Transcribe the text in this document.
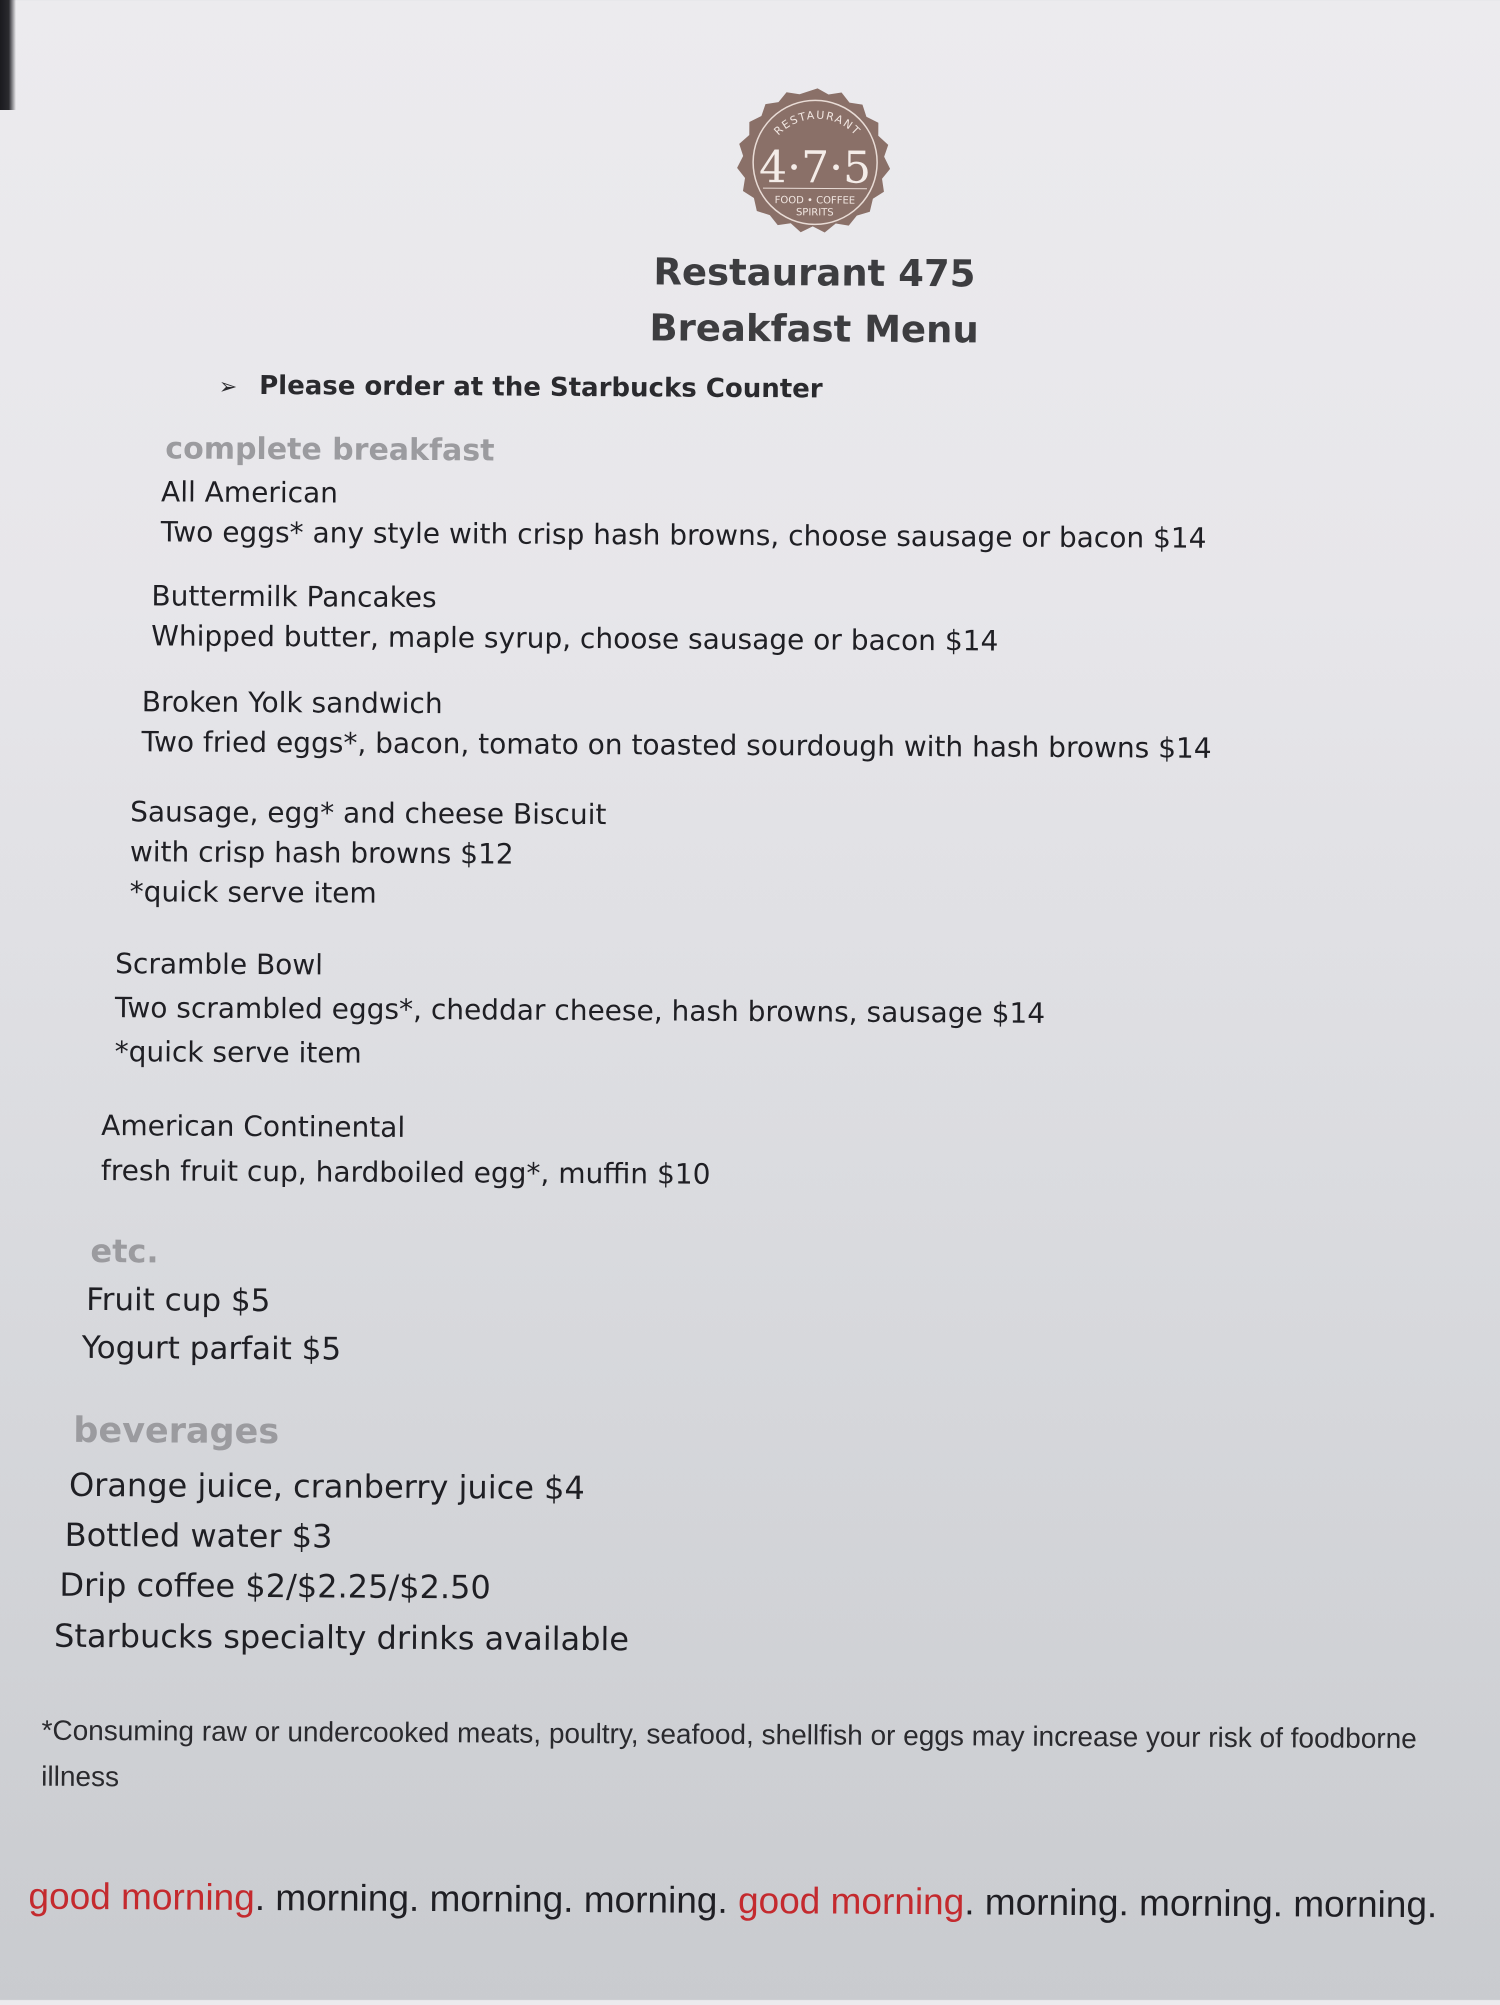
RESTAURANT
4·7·5
FOOD • COFFEE
SPIRITS
Restaurant 475
Breakfast Menu
➢ Please order at the Starbucks Counter
complete breakfast
All American
Two eggs* any style with crisp hash browns, choose sausage or bacon $14
Buttermilk Pancakes
Whipped butter, maple syrup, choose sausage or bacon $14
Broken Yolk sandwich
Two fried eggs*, bacon, tomato on toasted sourdough with hash browns $14
Sausage, egg* and cheese Biscuit
with crisp hash browns $12
*quick serve item
Scramble Bowl
Two scrambled eggs*, cheddar cheese, hash browns, sausage $14
*quick serve item
American Continental
fresh fruit cup, hardboiled egg*, muffin $10
etc.
Fruit cup $5
Yogurt parfait $5
beverages
Orange juice, cranberry juice $4
Bottled water $3
Drip coffee $2/$2.25/$2.50
Starbucks specialty drinks available
*Consuming raw or undercooked meats, poultry, seafood, shellfish or eggs may increase your risk of foodborne illness
good morning. morning. morning. morning. good morning. morning. morning. morning.
